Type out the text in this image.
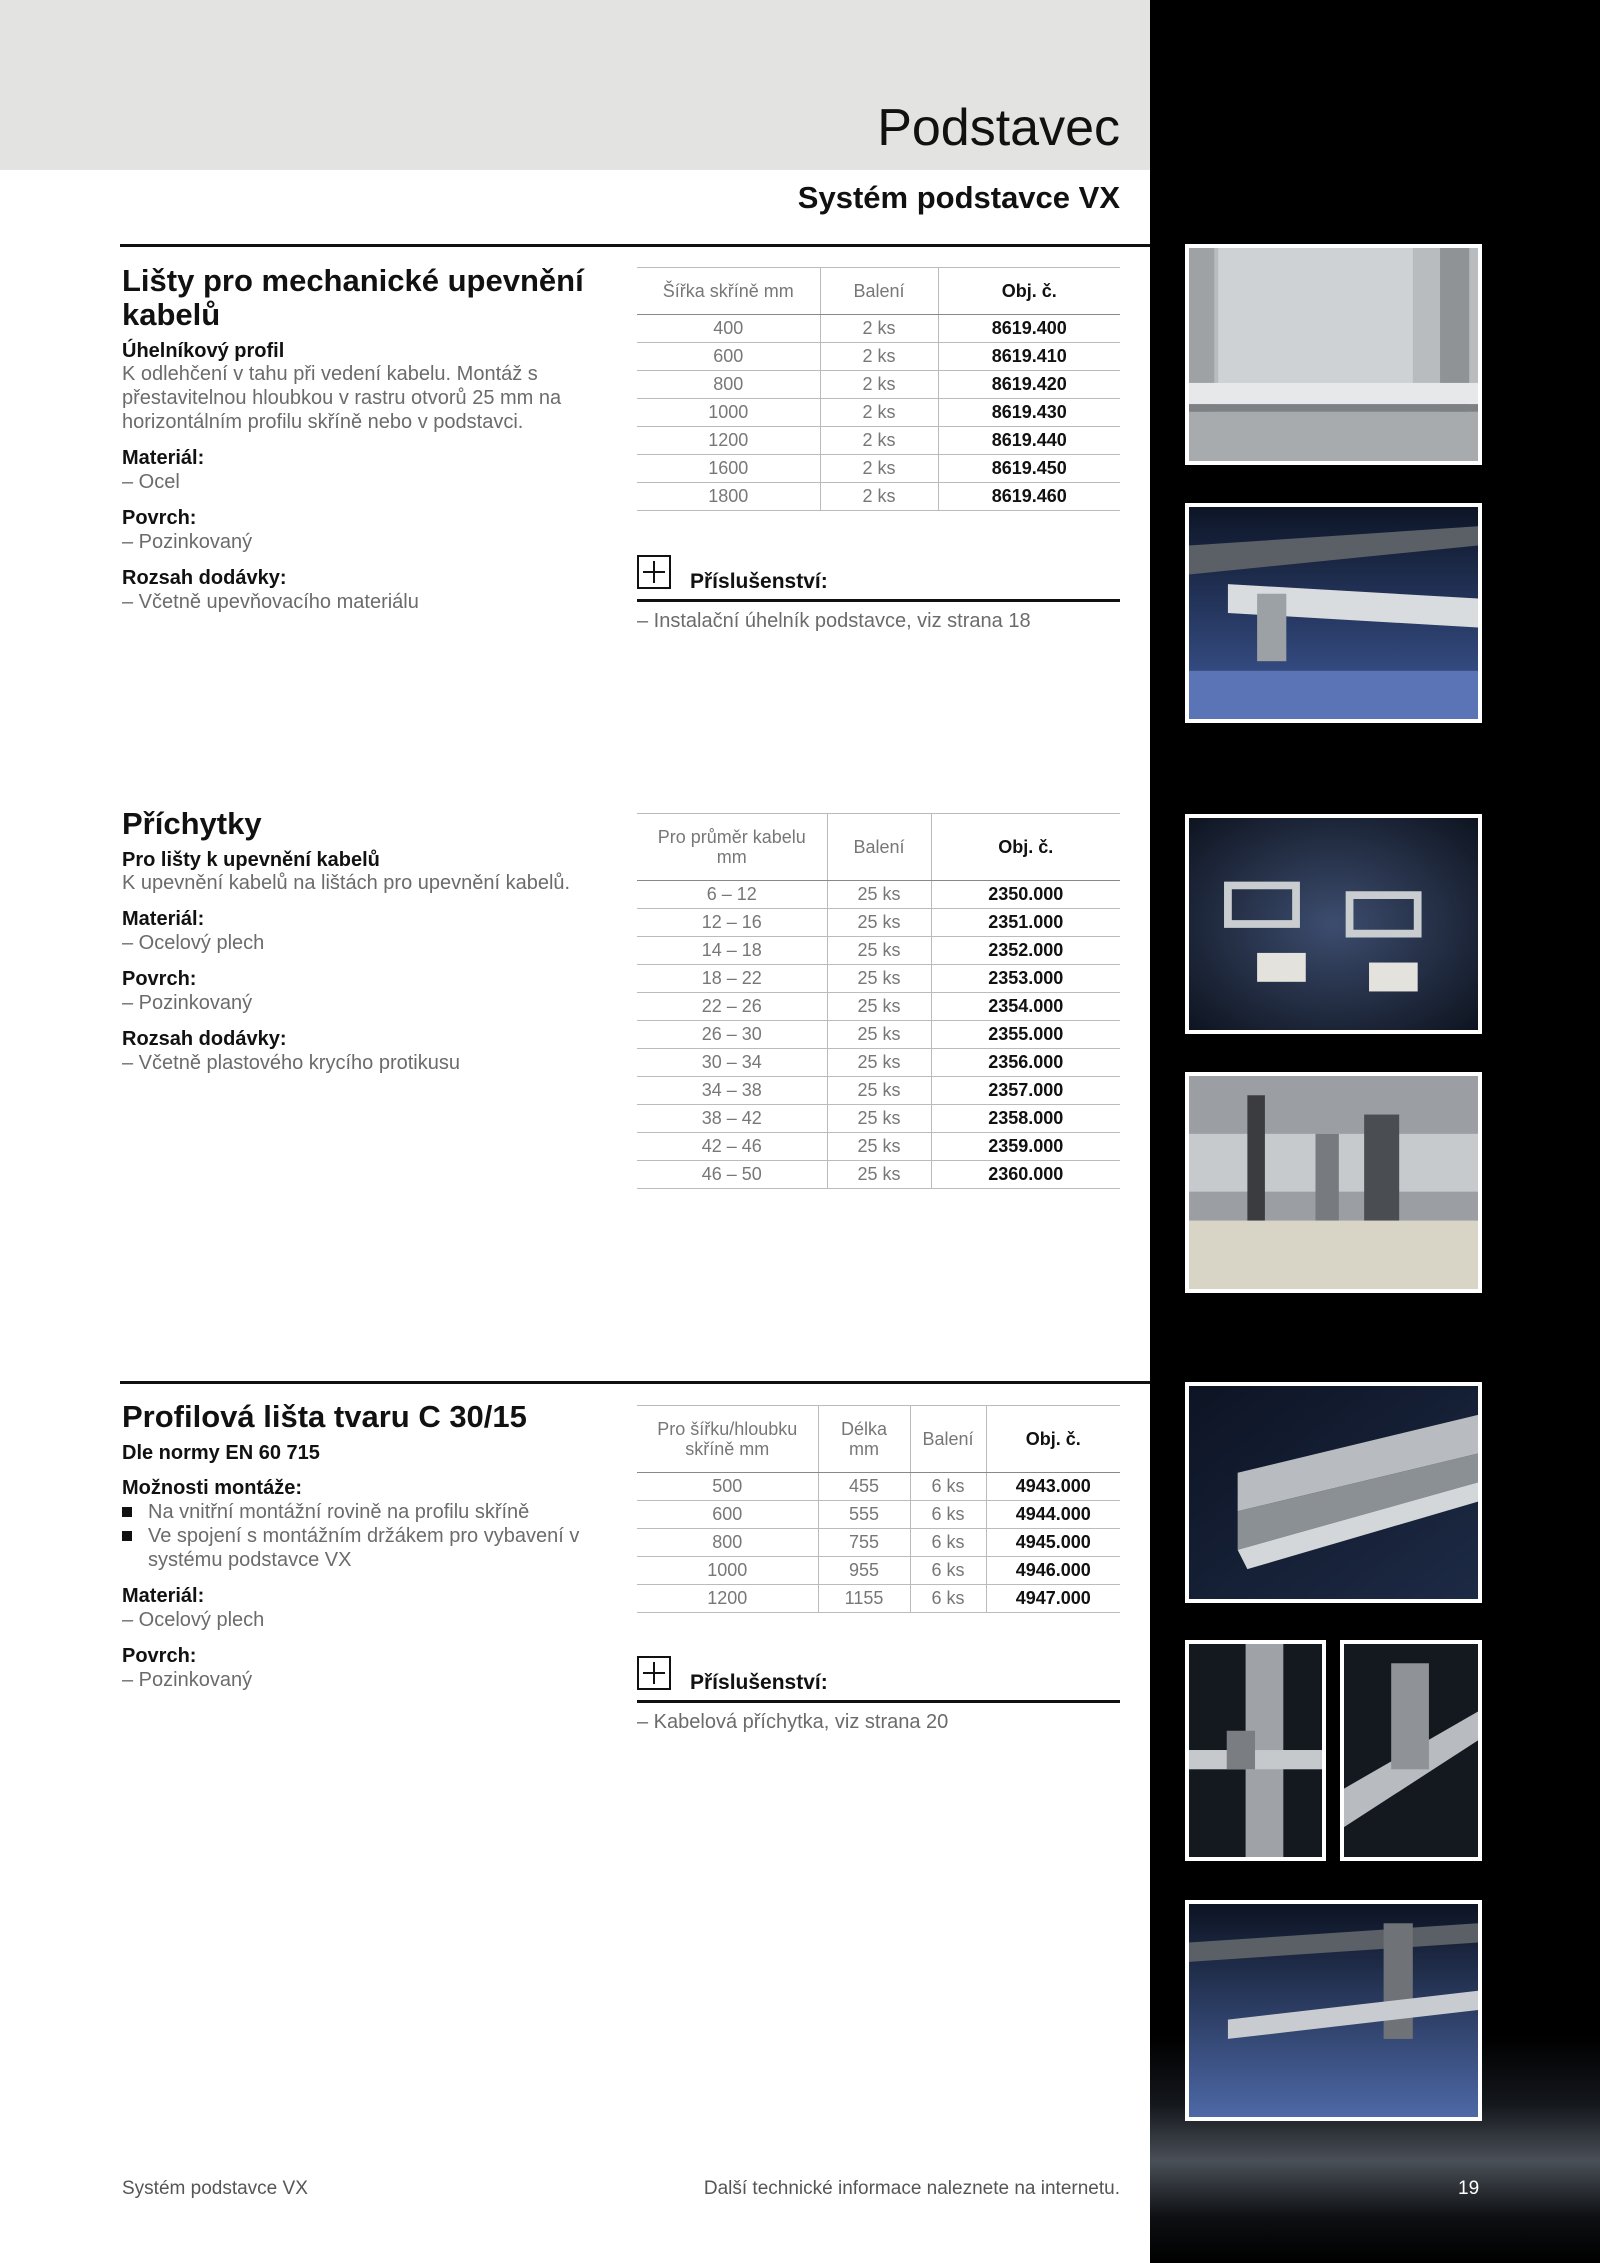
Podstavec
Systém podstavce VX
Lišty pro mechanické upevnění kabelů
Úhelníkový profil

K odlehčení v tahu při vedení kabelu. Montáž s přestavitelnou hloubkou v rastru otvorů 25 mm na horizontálním profilu skříně nebo v podstavci.

Materiál:
– Ocel
Povrch:
– Pozinkovaný
Rozsah dodávky:
– Včetně upevňovacího materiálu
Šířka skříně mm	Balení	Obj. č.
400	2 ks	8619.400
600	2 ks	8619.410
800	2 ks	8619.420
1000	2 ks	8619.430
1200	2 ks	8619.440
1600	2 ks	8619.450
1800	2 ks	8619.460
Příslušenství:
– Instalační úhelník podstavce, viz strana 18
Příchytky
Pro lišty k upevnění kabelů

K upevnění kabelů na lištách pro upevnění kabelů.

Materiál:
– Ocelový plech
Povrch:
– Pozinkovaný
Rozsah dodávky:
– Včetně plastového krycího protikusu
Pro průměr kabelu mm	Balení	Obj. č.
6 – 12	25 ks	2350.000
12 – 16	25 ks	2351.000
14 – 18	25 ks	2352.000
18 – 22	25 ks	2353.000
22 – 26	25 ks	2354.000
26 – 30	25 ks	2355.000
30 – 34	25 ks	2356.000
34 – 38	25 ks	2357.000
38 – 42	25 ks	2358.000
42 – 46	25 ks	2359.000
46 – 50	25 ks	2360.000
Profilová lišta tvaru C 30/15
Dle normy EN 60 715
Možnosti montáže:
Na vnitřní montážní rovině na profilu skříně
Ve spojení s montážním držákem pro vybavení v systému podstavce VX
Materiál:
– Ocelový plech
Povrch:
– Pozinkovaný
Pro šířku/hloubku skříně mm	Délka mm	Balení	Obj. č.
500	455	6 ks	4943.000
600	555	6 ks	4944.000
800	755	6 ks	4945.000
1000	955	6 ks	4946.000
1200	1155	6 ks	4947.000
Příslušenství:
– Kabelová příchytka, viz strana 20
Systém podstavce VX	Další technické informace naleznete na internetu.	19
